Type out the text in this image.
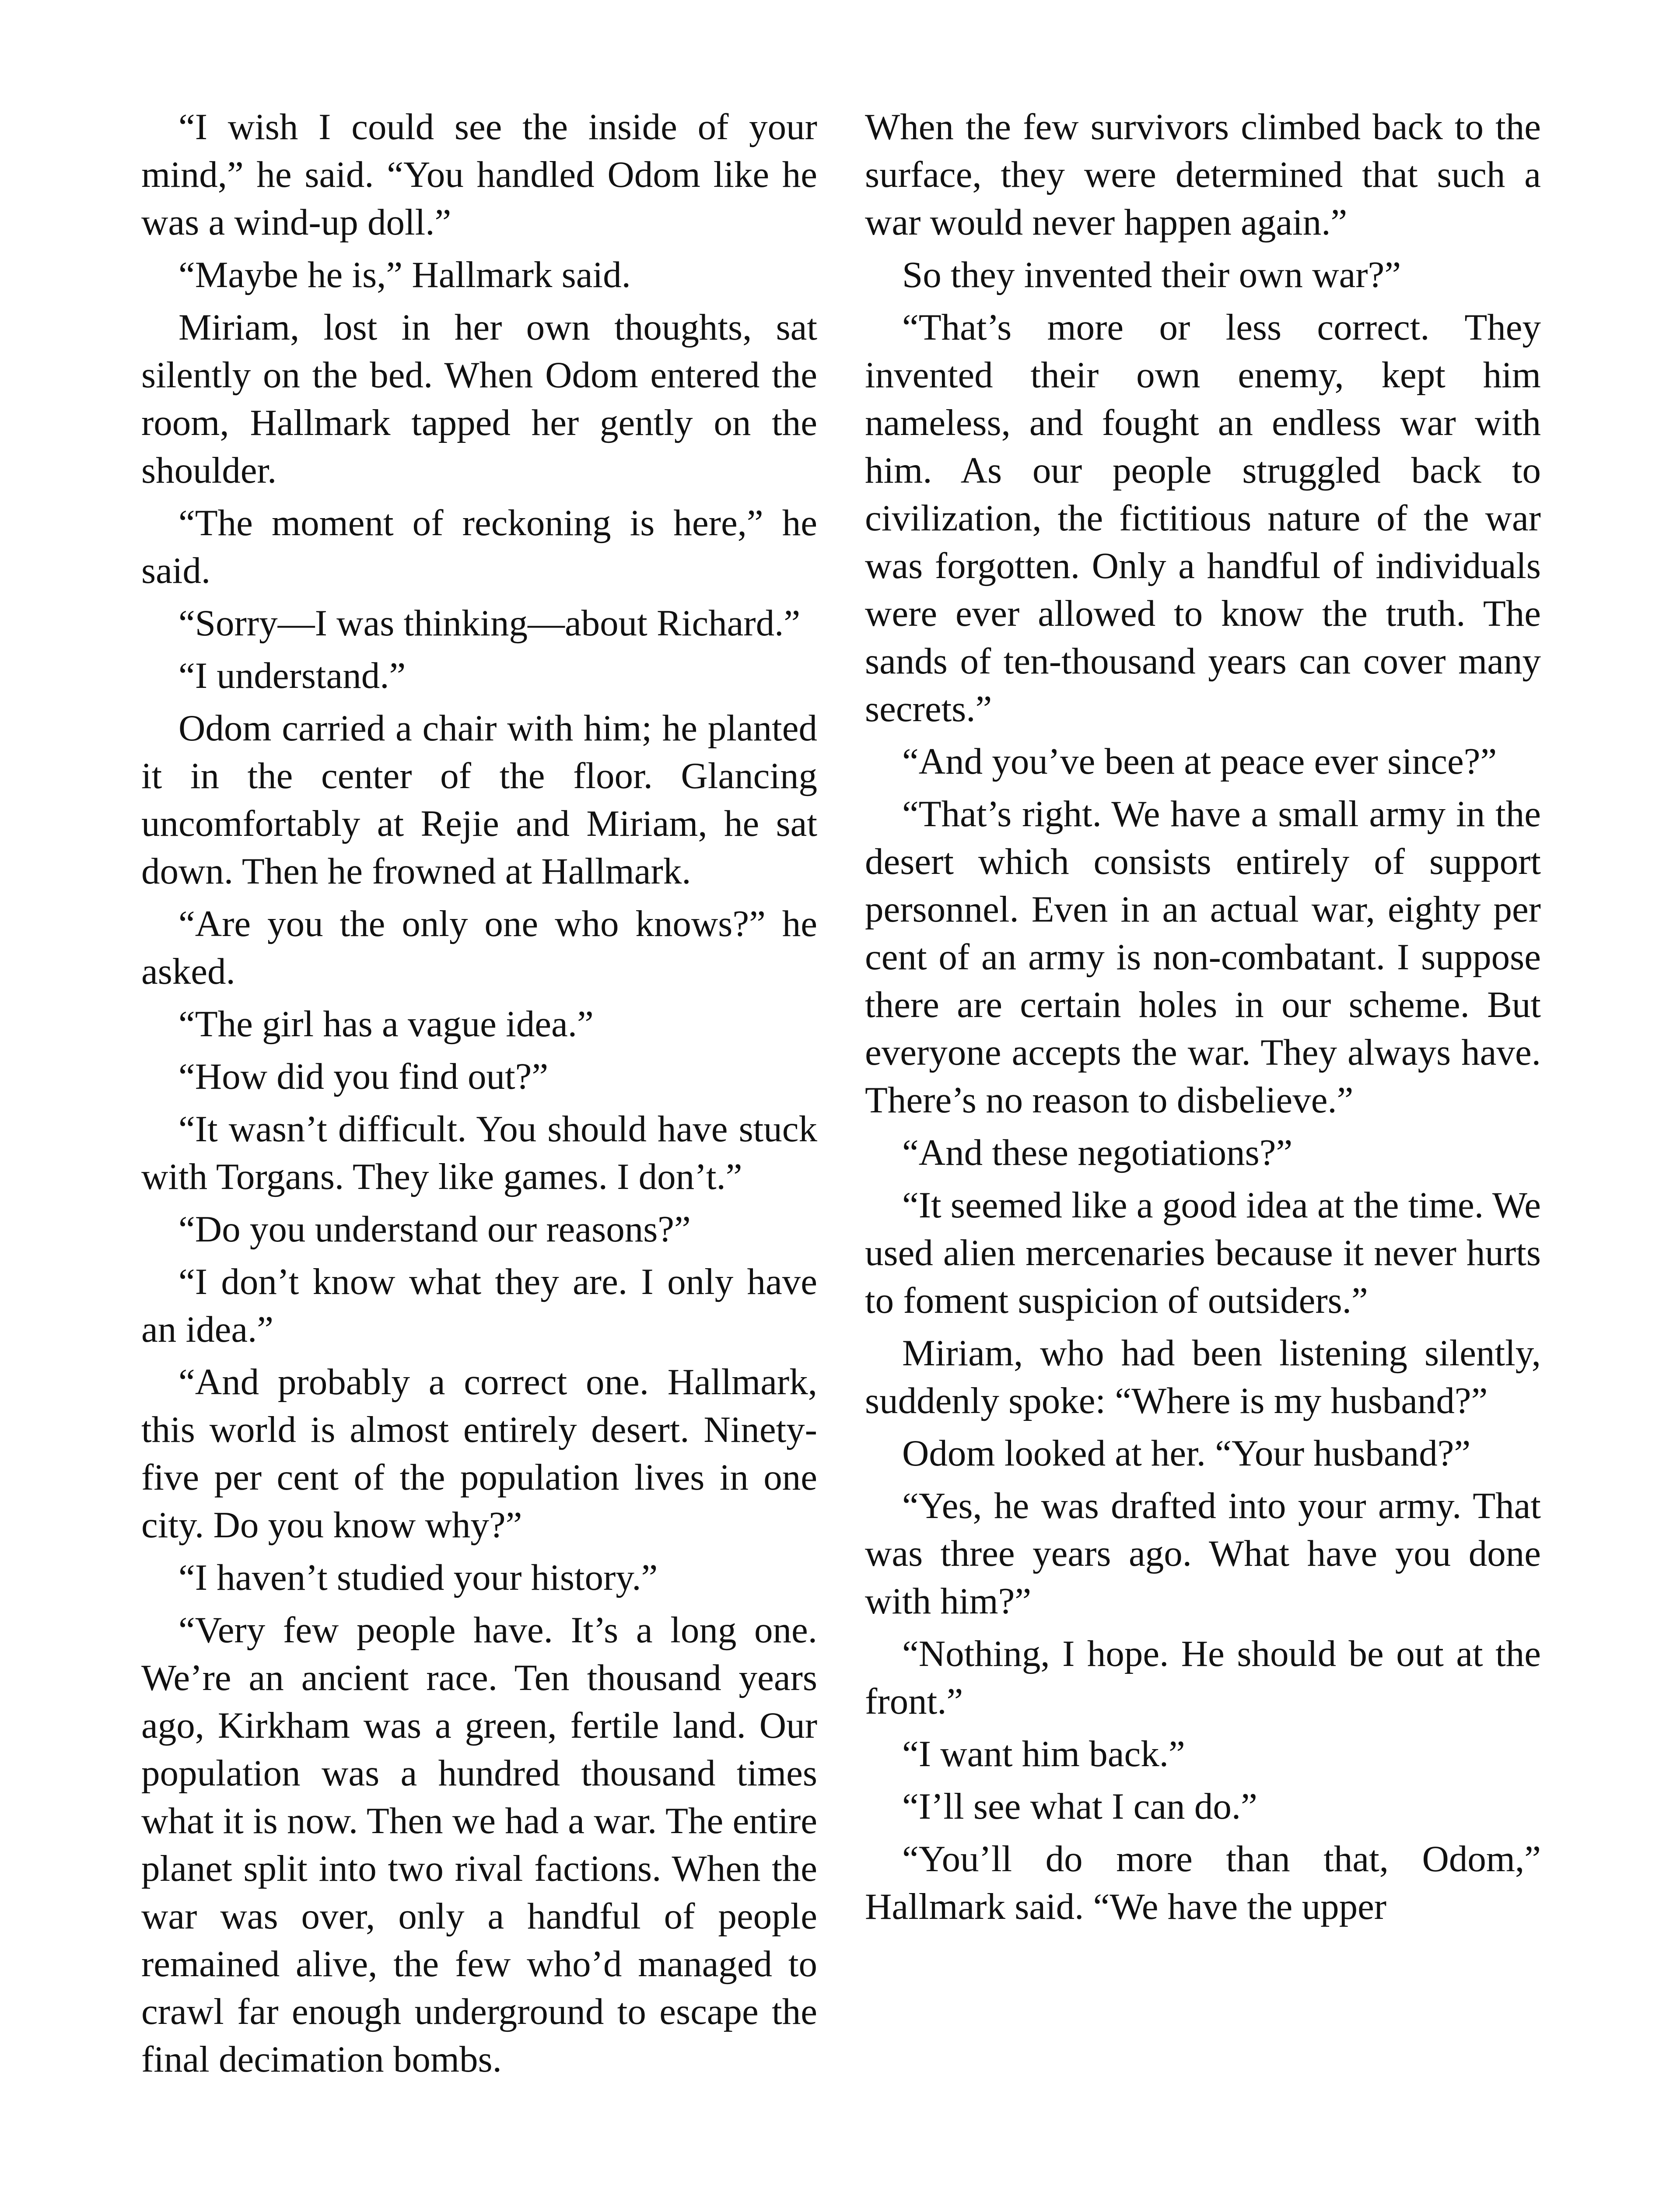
“I wish I could see the inside of your mind,” he said. “You handled Odom like he was a wind-up doll.”

“Maybe he is,” Hallmark said.

Miriam, lost in her own thoughts, sat silently on the bed. When Odom entered the room, Hallmark tapped her gently on the shoulder.

“The moment of reckoning is here,” he said.

“Sorry—I was thinking—about Richard.”

“I understand.”

Odom carried a chair with him; he planted it in the center of the floor. Glancing uncomfortably at Rejie and Miriam, he sat down. Then he frowned at Hallmark.

“Are you the only one who knows?” he asked.

“The girl has a vague idea.”

“How did you find out?”

“It wasn’t difficult. You should have stuck with Torgans. They like games. I don’t.”

“Do you understand our reasons?”

“I don’t know what they are. I only have an idea.”

“And probably a correct one. Hallmark, this world is almost entirely desert. Ninety-five per cent of the population lives in one city. Do you know why?”

“I haven’t studied your history.”

“Very few people have. It’s a long one. We’re an ancient race. Ten thousand years ago, Kirkham was a green, fertile land. Our population was a hundred thousand times what it is now. Then we had a war. The entire planet split into two rival factions. When the war was over, only a handful of people remained alive, the few who’d managed to crawl far enough underground to escape the final decimation bombs.

When the few survivors climbed back to the surface, they were determined that such a war would never happen again.”

So they invented their own war?”

“That’s more or less correct. They invented their own enemy, kept him nameless, and fought an endless war with him. As our people struggled back to civilization, the fictitious nature of the war was forgotten. Only a handful of individuals were ever allowed to know the truth. The sands of ten-thousand years can cover many secrets.”

“And you’ve been at peace ever since?”

“That’s right. We have a small army in the desert which consists entirely of support personnel. Even in an actual war, eighty per cent of an army is non-combatant. I suppose there are certain holes in our scheme. But everyone accepts the war. They always have. There’s no reason to disbelieve.”

“And these negotiations?”

“It seemed like a good idea at the time. We used alien mercenaries because it never hurts to foment suspicion of outsiders.”

Miriam, who had been listening silently, suddenly spoke: “Where is my husband?”

Odom looked at her. “Your husband?”

“Yes, he was drafted into your army. That was three years ago. What have you done with him?”

“Nothing, I hope. He should be out at the front.”

“I want him back.”

“I’ll see what I can do.”

“You’ll do more than that, Odom,” Hallmark said. “We have the upper
